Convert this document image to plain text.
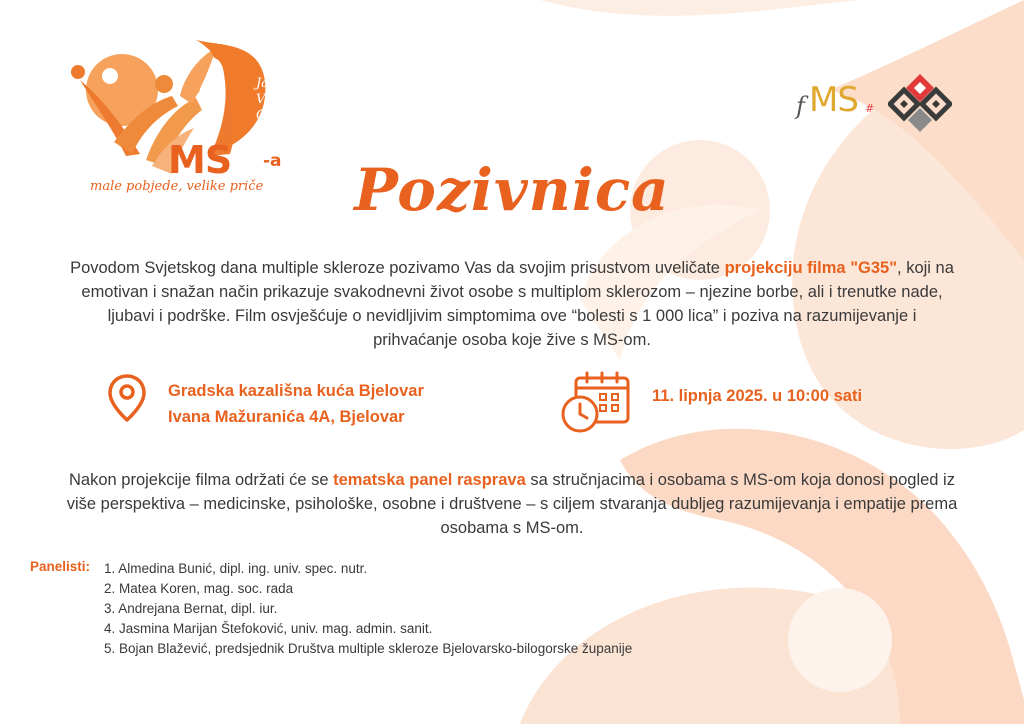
Jasam
Više
Od
MS -a
male pobjede, velike priče
f MS #
Pozivnica

Povodom Svjetskog dana multiple skleroze pozivamo Vas da svojim prisustvom uveličate projekciju filma "G35", koji na emotivan i snažan način prikazuje svakodnevni život osobe s multiplom sklerozom – njezine borbe, ali i trenutke nade, ljubavi i podrške. Film osvješćuje o nevidljivim simptomima ove “bolesti s 1 000 lica” i poziva na razumijevanje i prihvaćanje osoba koje žive s MS-om.

Gradska kazališna kuća Bjelovar
Ivana Mažuranića 4A, Bjelovar
11. lipnja 2025. u 10:00 sati

Nakon projekcije filma održati će se tematska panel rasprava sa stručnjacima i osobama s MS-om koja donosi pogled iz više perspektiva – medicinske, psihološke, osobne i društvene – s ciljem stvaranja dubljeg razumijevanja i empatije prema osobama s MS-om.

Panelisti: 1. Almedina Bunić, dipl. ing. univ. spec. nutr.
2. Matea Koren, mag. soc. rada
3. Andrejana Bernat, dipl. iur.
4. Jasmina Marijan Štefoković, univ. mag. admin. sanit.
5. Bojan Blažević, predsjednik Društva multiple skleroze Bjelovarsko-bilogorske županije
